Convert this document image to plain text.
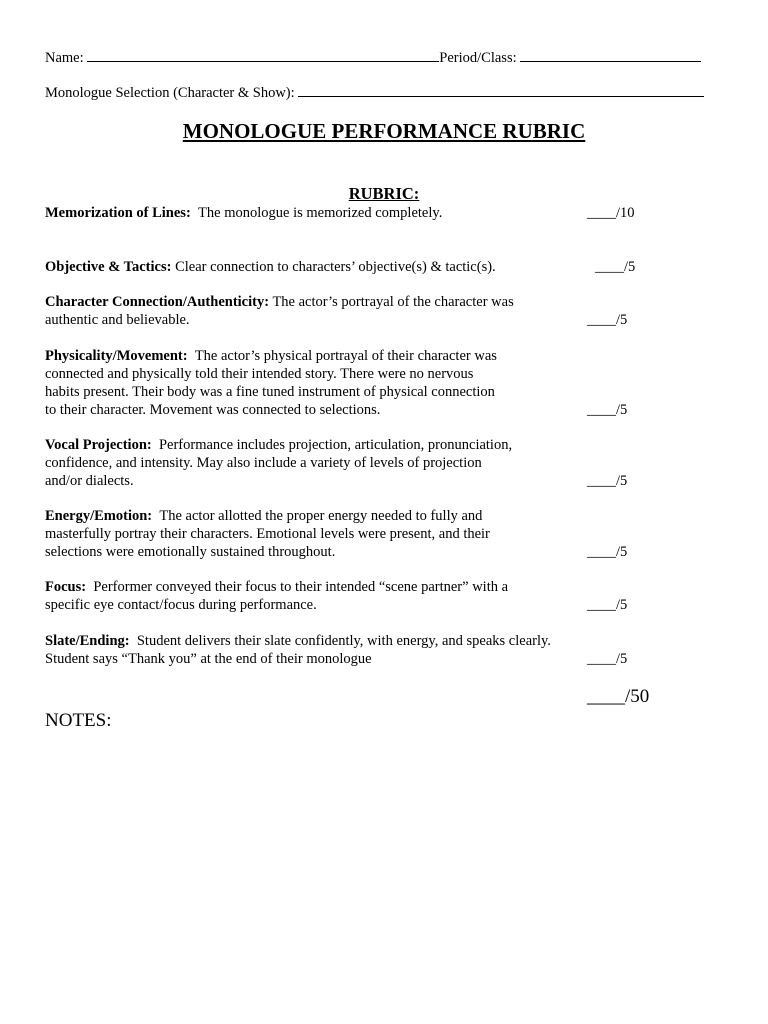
Name:	Period/Class:
Monologue Selection (Character & Show):
MONOLOGUE PERFORMANCE RUBRIC
RUBRIC:
Memorization of Lines: The monologue is memorized completely.	____/10
Objective & Tactics: Clear connection to characters’ objective(s) & tactic(s).	____/5
Character Connection/Authenticity: The actor’s portrayal of the character was authentic and believable.	____/5
Physicality/Movement: The actor’s physical portrayal of their character was connected and physically told their intended story. There were no nervous habits present. Their body was a fine tuned instrument of physical connection to their character. Movement was connected to selections.	____/5
Vocal Projection: Performance includes projection, articulation, pronunciation, confidence, and intensity. May also include a variety of levels of projection and/or dialects.	____/5
Energy/Emotion: The actor allotted the proper energy needed to fully and masterfully portray their characters. Emotional levels were present, and their selections were emotionally sustained throughout.	____/5
Focus: Performer conveyed their focus to their intended “scene partner” with a specific eye contact/focus during performance.	____/5
Slate/Ending: Student delivers their slate confidently, with energy, and speaks clearly. Student says “Thank you” at the end of their monologue	____/5
____/50
NOTES:
